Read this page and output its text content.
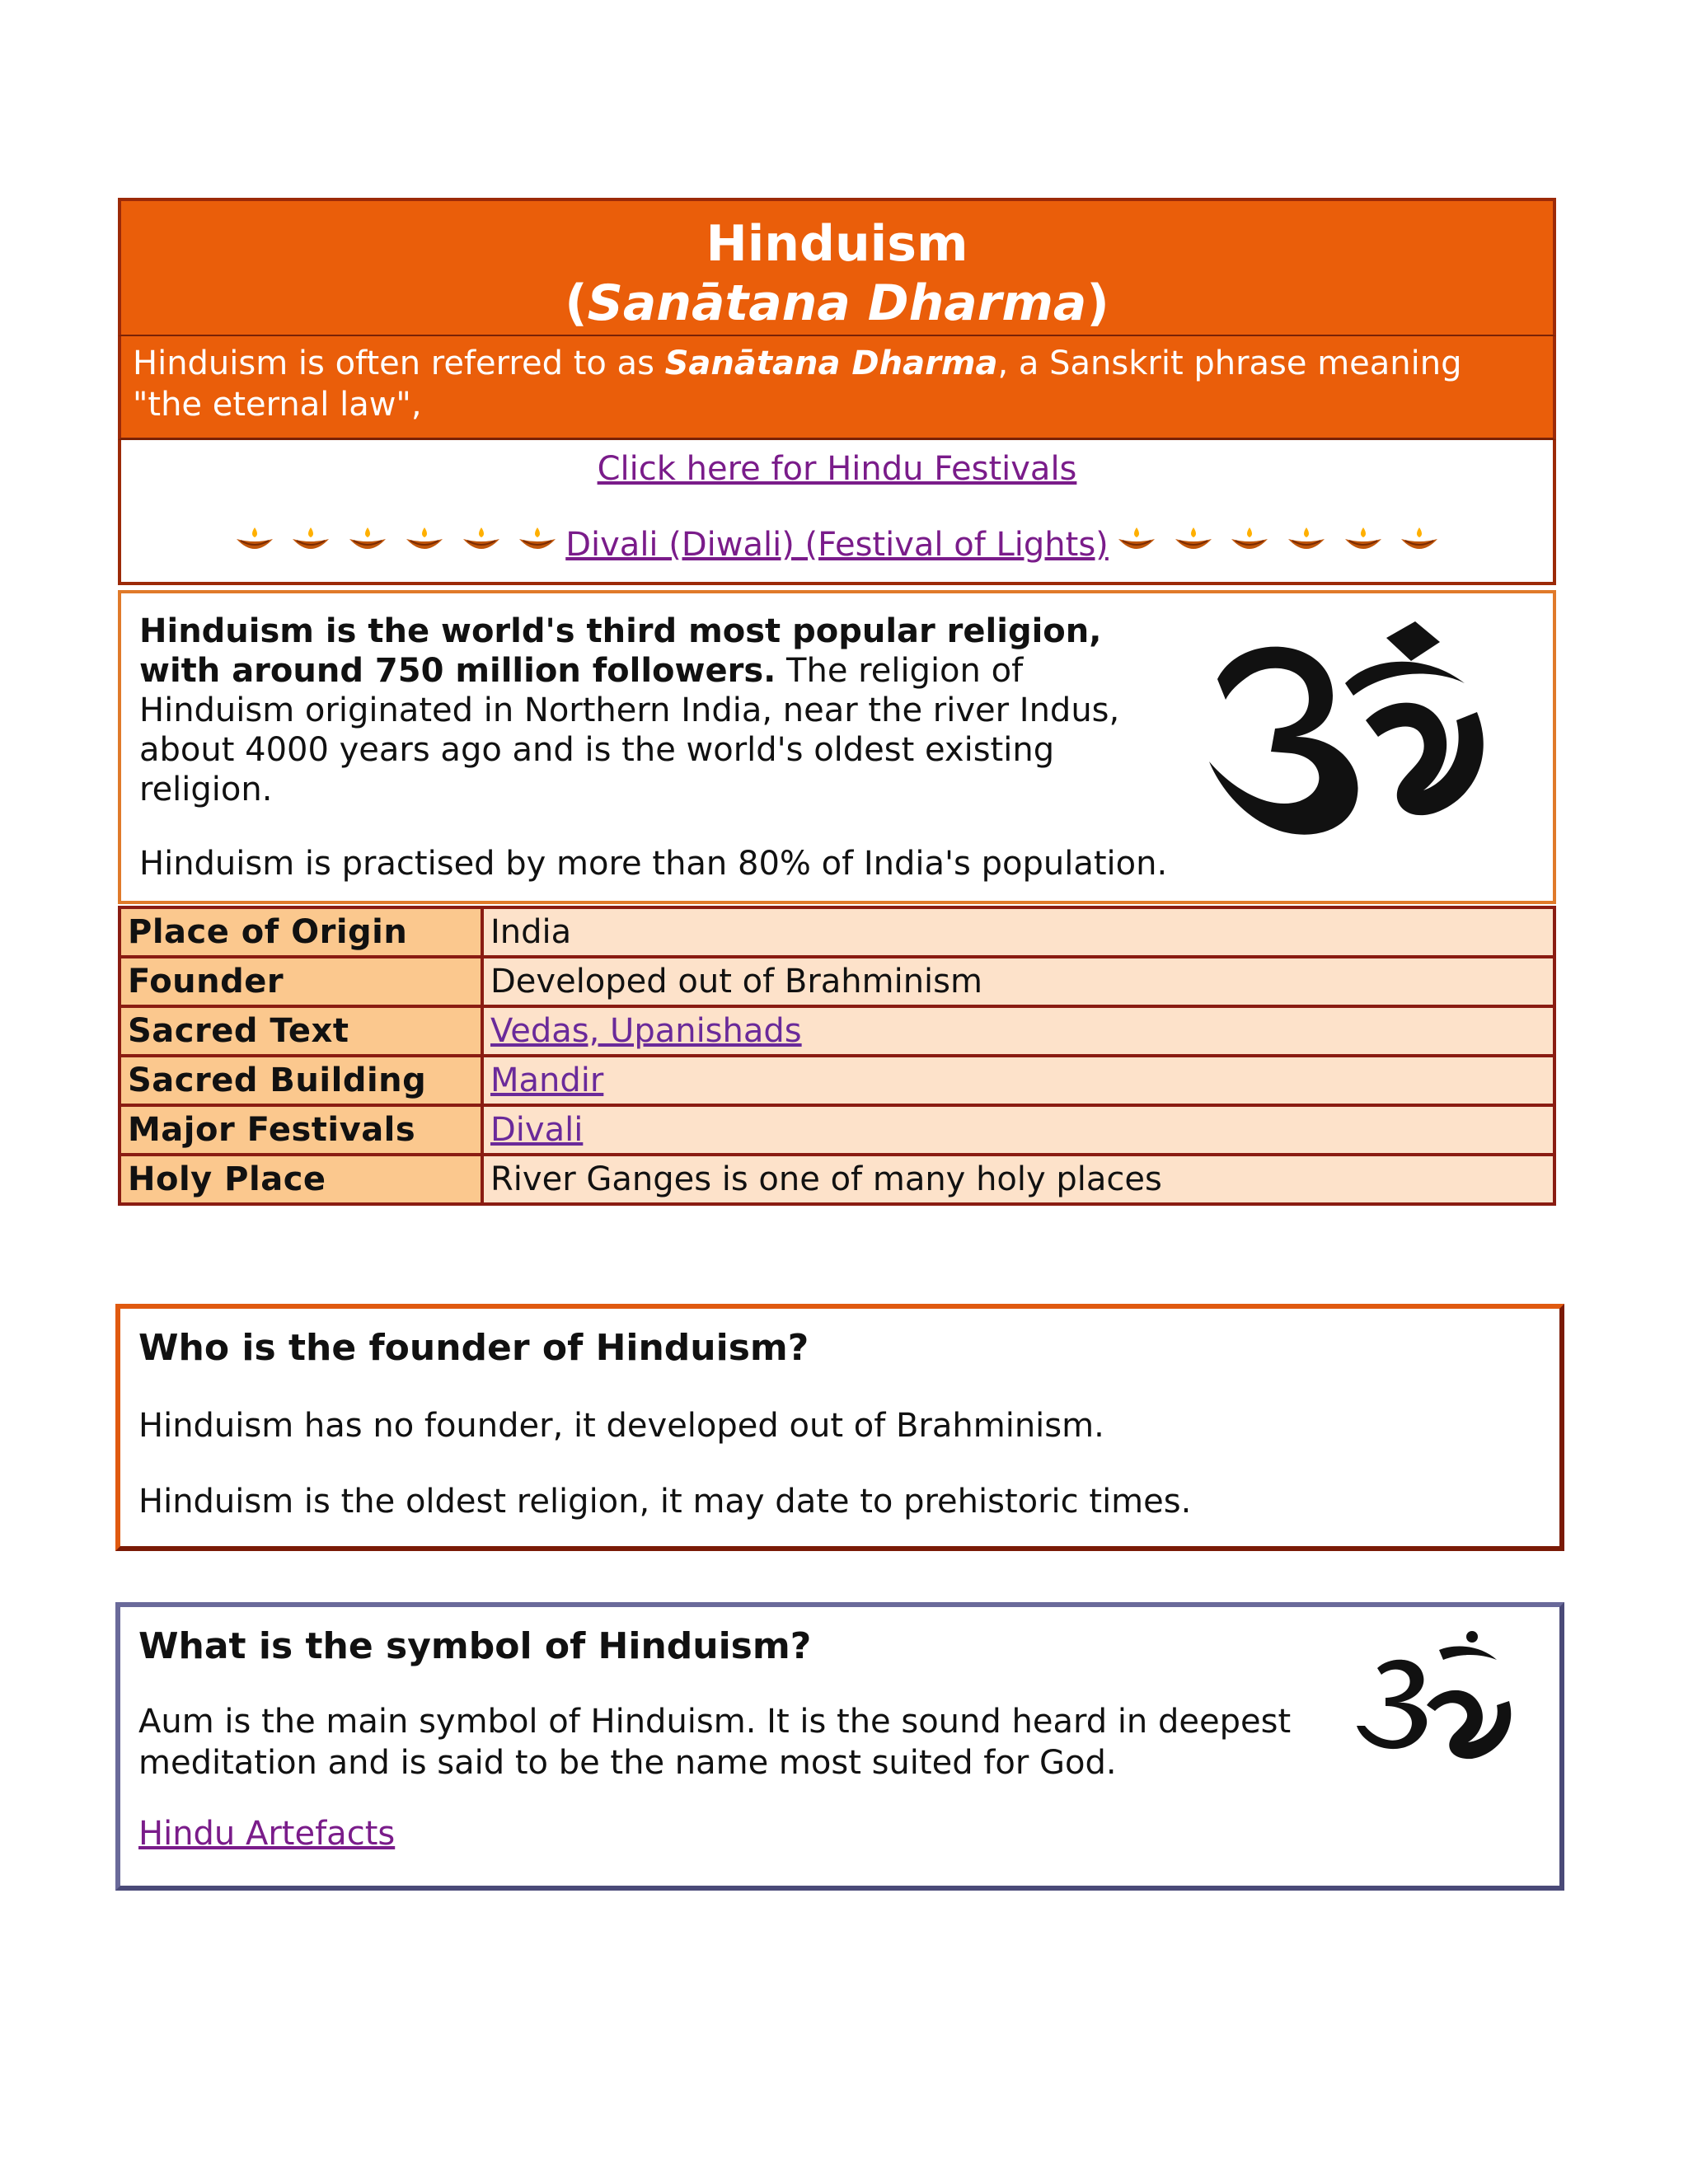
Hinduism
(Sanātana Dharma)
Hinduism is often referred to as Sanātana Dharma, a Sanskrit phrase meaning "the eternal law",
Click here for Hindu Festivals

Divali (Diwali) (Festival of Lights)

Hinduism is the world's third most popular religion, with around 750 million followers. The religion of Hinduism originated in Northern India, near the river Indus, about 4000 years ago and is the world's oldest existing religion.
Hinduism is practised by more than 80% of India's population.
Place of Origin	India
Founder	Developed out of Brahminism
Sacred Text	Vedas, Upanishads
Sacred Building	Mandir
Major Festivals	Divali
Holy Place	River Ganges is one of many holy places
Who is the founder of Hinduism?

Hinduism has no founder, it developed out of Brahminism.

Hinduism is the oldest religion, it may date to prehistoric times.

What is the symbol of Hinduism?

Aum is the main symbol of Hinduism. It is the sound heard in deepest meditation and is said to be the name most suited for God.

Hindu Artefacts
